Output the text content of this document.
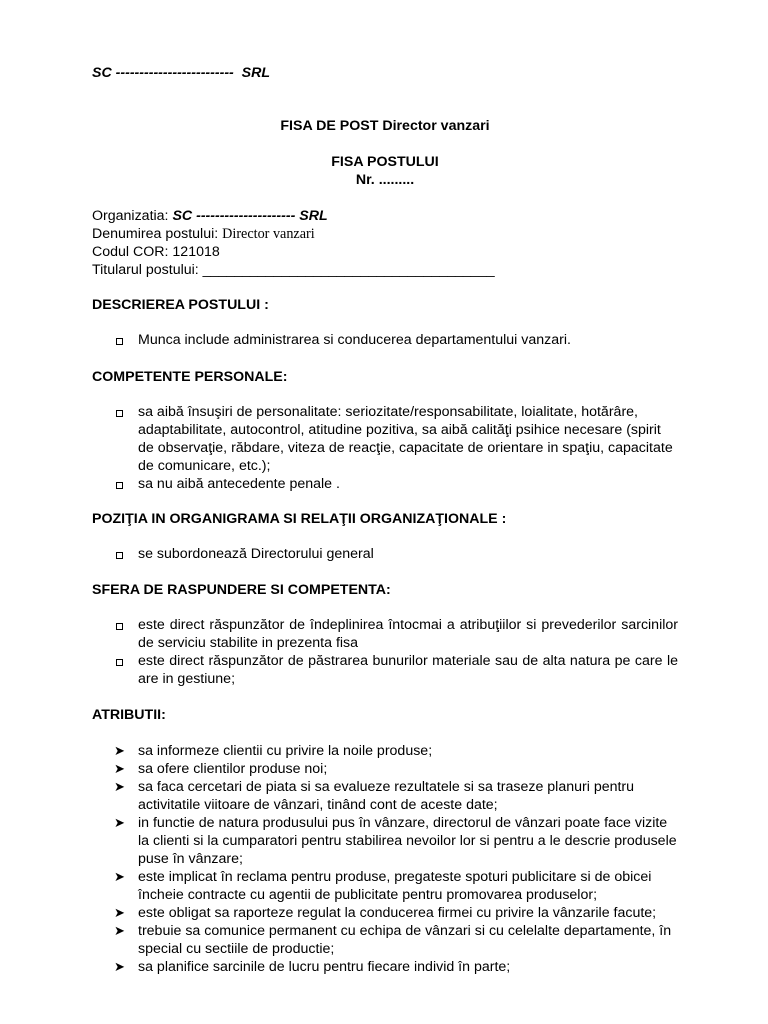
SC -------------------------  SRL
FISA DE POST Director vanzari
FISA POSTULUI
Nr. .........
Organizatia: SC --------------------- SRL
Denumirea postului: Director vanzari
Codul COR: 121018
Titularul postului: _____________________________________
DESCRIEREA POSTULUI :
Munca include administrarea si conducerea departamentului vanzari.
COMPETENTE PERSONALE:
sa aibă însuşiri de personalitate: seriozitate/responsabilitate, loialitate, hotărâre, adaptabilitate, autocontrol, atitudine pozitiva, sa aibă calităţi psihice necesare (spirit de observaţie, răbdare, viteza de reacţie, capacitate de orientare in spaţiu, capacitate de comunicare, etc.);
sa nu aibă antecedente penale .
POZIŢIA IN ORGANIGRAMA SI RELAŢII ORGANIZAŢIONALE :
se subordonează Directorului general
SFERA DE RASPUNDERE SI COMPETENTA:
este direct răspunzător de îndeplinirea întocmai a atribuţiilor si prevederilor sarcinilor de serviciu stabilite in prezenta fisa
este direct răspunzător de păstrarea bunurilor materiale sau de alta natura pe care le are in gestiune;
ATRIBUTII:
➤ sa informeze clientii cu privire la noile produse;
➤ sa ofere clientilor produse noi;
➤ sa faca cercetari de piata si sa evalueze rezultatele si sa traseze planuri pentru activitatile viitoare de vânzari, tinând cont de aceste date;
➤ in functie de natura produsului pus în vânzare, directorul de vânzari poate face vizite la clienti si la cumparatori pentru stabilirea nevoilor lor si pentru a le descrie produsele puse în vânzare;
➤ este implicat în reclama pentru produse, pregateste spoturi publicitare si de obicei încheie contracte cu agentii de publicitate pentru promovarea produselor;
➤ este obligat sa raporteze regulat la conducerea firmei cu privire la vânzarile facute;
➤ trebuie sa comunice permanent cu echipa de vânzari si cu celelalte departamente, în special cu sectiile de productie;
➤ sa planifice sarcinile de lucru pentru fiecare individ în parte;
